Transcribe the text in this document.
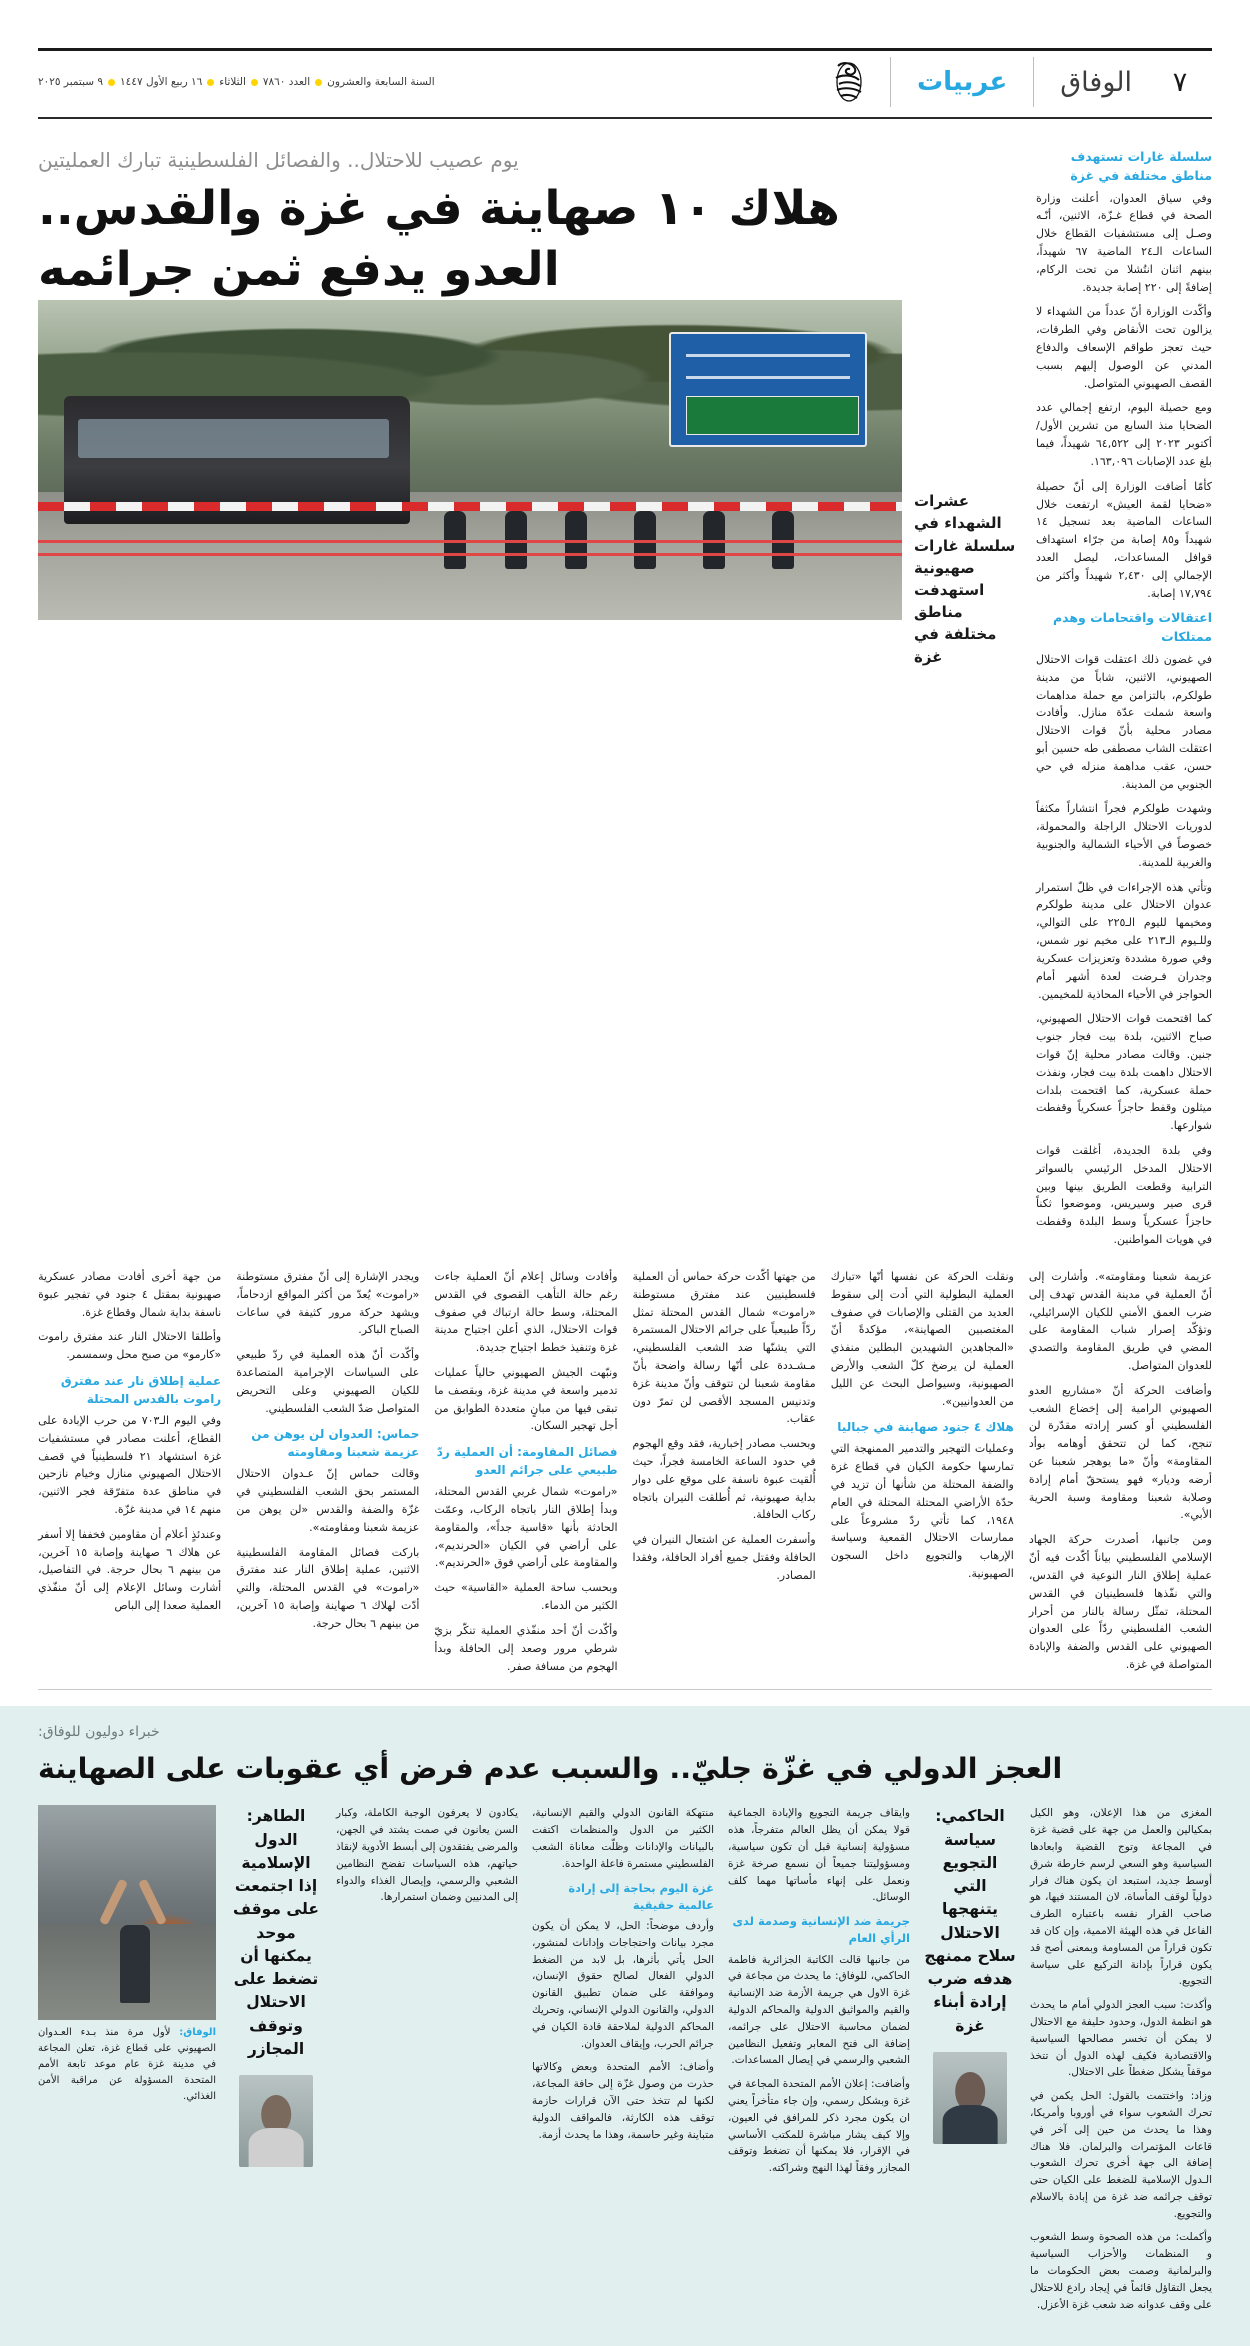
٧
الوفاق
عربيات
السنة السابعة والعشرون
العدد ٧٨٦٠
الثلاثاء
١٦ ربيع الأول ١٤٤٧
٩ سبتمبر ٢٠٢٥
سلسلة غارات تستهدف مناطق مختلفة في غزة

وفي سياق العدوان، أعلنت وزارة الصحة في قطاع غـزّة، الاثنين، أنّـه وصـل إلى مستشفيات القطاع خلال الساعات الـ٢٤ الماضية ٦٧ شهيداً، بينهم اثنان انتُشلا من تحت الركام، إضافةً إلى ٢٢٠ إصابة جديدة.

وأكّدت الوزارة أنّ عدداً من الشهداء لا يزالون تحت الأنقاض وفي الطرقات، حيث تعجز طواقم الإسعاف والدفاع المدني عن الوصول إليهم بسبب القصف الصهيوني المتواصل.

ومع حصيلة اليوم، ارتفع إجمالي عدد الضحايا منذ السابع من تشرين الأول/ أكتوبر ٢٠٢٣ إلى ٦٤,٥٢٢ شهيداً، فيما بلغ عدد الإصابات ١٦٣,٠٩٦.

كأمّا أضافت الوزارة إلى أنّ حصيلة «ضحايا لقمة العيش» ارتفعت خلال الساعات الماضية بعد تسجيل ١٤ شهيداً و٨٥ إصابة من جرّاء استهداف قوافل المساعدات، ليصل العدد الإجمالي إلى ٢,٤٣٠ شهيداً وأكثر من ١٧,٧٩٤ إصابة.

اعتقالات واقتحامات وهدم ممتلكات

في غضون ذلك اعتقلت قوات الاحتلال الصهيوني، الاثنين، شاباً من مدينة طولكرم، بالتزامن مع حملة مداهمات واسعة شملت عدّة منازل. وأفادت مصادر محلية بأنّ قوات الاحتلال اعتقلت الشاب مصطفى طه حسين أبو حسن، عقب مداهمة منزله في حي الجنوبي من المدينة.

وشهدت طولكرم فجراً انتشاراً مكثفاً لدوريات الاحتلال الراجلة والمحمولة، خصوصاً في الأحياء الشمالية والجنوبية والغربية للمدينة.

وتأتي هذه الإجراءات في ظلّ استمرار عدوان الاحتلال على مدينة طولكرم ومخيمها لليوم الـ٢٢٥ على التوالي، وللـيوم الـ٢١٣ على مخيم نور شمس، وفي صورة مشددة وتعزيزات عسكرية وجدران فـرضت لعدة أشهر أمام الحواجز في الأحياء المحاذية للمخيمين.

كما اقتحمت قوات الاحتلال الصهيوني، صباح الاثنين، بلدة بيت فجار جنوب جنين. وقالت مصادر محلية إنّ قوات الاحتلال داهمت بلدة بيت فجار، ونفذت حملة عسكرية، كما اقتحمت بلدات ميثلون وقفط حاجزاً عسكرياً وقفطت شوارعها.

وفي بلدة الجديدة، أغلقت قوات الاحتلال المدخل الرئيسي بالسواتر الترابية وقطعت الطريق بينها وبين قرى صير وسيريس، وموضعوا ثكناً حاجزاً عسكرياً وسط البلدة وقفطت في هويات المواطنين.

يوم عصيب للاحتلال.. والفصائل الفلسطينية تبارك العمليتين
هلاك ١٠ صهاينة في غزة والقدس..
العدو يدفع ثمن جرائمه
عشرات الشهداء في سلسلة غارات صهيونية استهدفت مناطق مختلفة في غزة

عزيمة شعبنا ومقاومته». وأشارت إلى أنّ العملية في مدينة القدس تهدف إلى ضرب العمق الأمني للكيان الإسرائيلي، وتؤكّد إصرار شباب المقاومة على المضي في طريق المقاومة والتصدي للعدوان المتواصل.

وأضافت الحركة أنّ «مشاريع العدو الصهيوني الرامية إلى إخضاع الشعب الفلسطيني أو كسر إرادته مقدّرة لن تنجح، كما لن تتحقق أوهامه بوأد المقاومة» وأنّ «ما يوهجر شعبنا عن أرضه وديار» فهو يستحقّ أمام إرادة وصلابة شعبنا ومقاومة وسبة الحرية الأبي».

ومن جانبها، أصدرت حركة الجهاد الإسلامي الفلسطيني بياناً أكّدت فيه أنّ عملية إطلاق النار النوعية في القدس، والتي نفّذها فلسطينيان في القدس المحتلة، تمثّل رسالة بالنار من أحرار الشعب الفلسطيني ردّاً على العدوان الصهيوني على القدس والضفة والإبادة المتواصلة في غزة.

ونقلت الحركة عن نفسها أنّها «تبارك العملية البطولية التي أدت إلى سقوط العديد من القتلى والإصابات في صفوف المغتصبين الصهاينة»، مؤكدةً أنّ «المجاهدين الشهيدين البطلين منفذي العملية لن يرضخ كلّ الشعب والأرض الصهيونية، وسيواصل البحث عن الليل من العدوانيين».

هلاك ٤ جنود صهاينة في جباليا

وعمليات التهجير والتدمير الممنهجة التي تمارسها حكومة الكيان في قطاع غزة والضفة المحتلة من شأنها أن تزيد في حدّة الأراضي المحتلة المحتلة في العام ١٩٤٨، كما تأتي ردّ مشروعاً على ممارسات الاحتلال القمعية وسياسة الإرهاب والتجويع داخل السجون الصهيونية.

من جهتها أكّدت حركة حماس أن العملية فلسطينيين عند مفترق مستوطنة «راموت» شمال القدس المحتلة تمثل ردّاً طبيعياً على جرائم الاحتلال المستمرة التي يشنّها ضد الشعب الفلسطيني، مـشـددة على أنّها رسالة واضحة بأنّ مقاومة شعبنا لن تتوقف وأنّ مدينة غزة وتدنيس المسجد الأقصى لن تمرّ دون عقاب.

وبحسب مصادر إخبارية، فقد وقع الهجوم في حدود الساعة الخامسة فجراً، حيث أُلقيت عبوة ناسفة على موقع على دوار بداية صهيونية، ثم أُطلقت النيران باتجاه ركاب الحافلة.

وأسفرت العملية عن اشتعال النيران في الحافلة وفقتل جميع أفراد الحافلة، وفقدا المصادر.

وأفادت وسائل إعلام أنّ العملية جاءت رغم حالة التأهب القصوى في القدس المحتلة، وسط حالة ارتباك في صفوف قوات الاحتلال، الذي أعلن اجتياح مدينة غزة وتنفيذ خطط اجتياح جديدة.

ونبّهت الجيش الصهيوني حالياً عمليات تدمير واسعة في مدينة غزة، وبقصف ما تبقى فيها من مبانٍ متعددة الطوابق من أجل تهجير السكان.

فصائل المقاومة: أن العملية ردّ طبيعي على جرائم العدو

«راموت» شمال غربي القدس المحتلة، وبدأ إطلاق النار باتجاه الركاب، وعمّت الحادثة بأنها «قاسية جداً»، والمقاومة على أراضي في الكيان «الحرنديم»، والمقاومة على أراضي فوق «الحرنديم».

وبحسب ساحة العملية «القاسية» حيث الكثير من الدماء.

وأكّدت أنّ أحد منفّذي العملية تنكّر بزيّ شرطي مرور وصعد إلى الحافلة وبدأ الهجوم من مسافة صفر.

ويجدر الإشارة إلى أنّ مفترق مستوطنة «راموت» يُعدّ من أكثر المواقع ازدحاماً، ويشهد حركة مرور كثيفة في ساعات الصباح الباكر.

وأكّدت أنّ هذه العملية في ردّ طبيعي على السياسات الإجرامية المتصاعدة للكيان الصهيوني وعلى التحريض المتواصل ضدّ الشعب الفلسطيني.

حماس: العدوان لن يوهن من عزيمة شعبنا ومقاومته

وقالت حماس إنّ عـدوان الاحتلال المستمر بحق الشعب الفلسطيني في غزّة والضفة والقدس «لن يوهن من عزيمة شعبنا ومقاومته».

باركت فصائل المقاومة الفلسطينية الاثنين، عملية إطلاق النار عند مفترق «راموت» في القدس المحتلة، والتي أدّت لهلاك ٦ صهاينة وإصابة ١٥ آخرين، من بينهم ٦ بحال حرجة.

من جهة أخرى أفادت مصادر عسكرية صهيونية بمقتل ٤ جنود في تفجير عبوة ناسفة بداية شمال وقطاع غزة.

وأطلقا الاحتلال النار عند مفترق راموت «كارمو» من صبح محل وسمسمر.

عملية إطلاق نار عند مفترق راموت بالقدس المحتلة

وفي اليوم الـ٧٠٣ من حرب الإبادة على القطاع، أعلنت مصادر في مستشفيات غزة استشهاد ٢١ فلسطينياً في قصف الاحتلال الصهيوني منازل وخيام نازحين في مناطق عدة متفرّقة فجر الاثنين، منهم ١٤ في مدينة غزّة.

وعندئذٍ أعلام أن مقاومين فخففا إلا أسفر عن هلاك ٦ صهاينة وإصابة ١٥ آخرين، من بينهم ٦ بحال حرجة. في التفاصيل، أشارت وسائل الإعلام إلى أنّ منفّذي العملية صعدا إلى الباص

خبراء دوليون للوفاق:
العجز الدولي في غزّة جليّ.. والسبب عدم فرض أي عقوبات على الصهاينة

المغزى من هذا الإعلان، وهو الكيل بمكيالين والعمل من جهة على قضية غزة في المجاعة وتوج القضية وابعادها السياسية وهو السعي لرسم خارطة شرق أوسط جديد، استبعد ان يكون هناك فرار دولياً لوقف المأساة، لان المستند فيها، هو صاحب القرار نفسه باعتباره الطرف الفاعل في هذه الهيئة الاممية، وإن كان قد تكون قراراً من المساومة وبمعنى أصح قد يكون قراراً بإدانة التركيع على سياسة التجويع.

وأكدت: سبب العجز الدولي أمام ما يحدث هو انظمة الدول، وحدود حليفة مع الاحتلال لا يمكن أن تخسر مصالحها السياسية والاقتصادية فكيف لهذه الدول أن تتخذ موقفاً يشكل ضغطاً على الاحتلال.

وزاد: واختتمت بالقول: الحل يكمن في تحرك الشعوب سواء في أوروبا وأمريكا، وهذا ما يحدث من حين إلى آخر في قاعات المؤتمرات والبرلمان. فلا هناك إضافة الى جهة أخرى تحرك الشعوب الـدول الإسلامية للضغط على الكيان حتى توقف جرائمه ضد غزة من إبادة بالاسلام والتجويع.

وأكملت: من هذه الصحوة وسط الشعوب و المنظمات والأحزاب السياسية والبرلمانية وصمت بعض الحكومات ما يجعل التقاؤل قائماً في إيجاد رادع للاحتلال على وقف عدوانه ضد شعب غزة الأعزل.

الحاكمي: سياسة التجويع التي يتنهجها الاحتلال سلاح ممنهج هدفه ضرب إرادة أبناء غزة

وايقاف جريمة التجويع والإبادة الجماعية قولا يمكن أن يظل العالم متفرجاً، هذه مسؤولية إنسانية قبل أن تكون سياسية، ومسؤوليتنا جميعاً أن نسمع صرخة غزة ونعمل على إنهاء مأساتها مهما كلف الوسائل.

جريمة ضد الإنسانية وصدمة لدى الرأي العام

من جانبها قالت الكاتبة الجزائرية فاطمة الحاكمي، للوفاق: ما يحدث من مجاعة في غزة الاول هي جريمة الأزمة ضد الإنسانية والقيم والمواثيق الدولية والمحاكم الدولية لضمان محاسبة الاحتلال على جرائمه، إضافة الى فتح المعابر وتفعيل النظامين الشعبي والرسمي في إيصال المساعدات.

وأضافت: إعلان الأمم المتحدة المجاعة في غزة وبشكل رسمي، وإن جاء متأخراً يعني ان يكون مجرد ذكر للمرافق في العيون، وإلا كيف يشار مباشرة للمكتب الأساسي في الإقرار، فلا يمكنها أن تضغط وتوقف المجازر وفقاً لهذا النهج وشراكته.

منتهكة القانون الدولي والقيم الإنسانية، الكثير من الدول والمنظمات اكتفت بالبيانات والإدانات وظلّت معاناة الشعب الفلسطيني مستمرة فاعلة الواحدة.

غزة اليوم بحاجة إلى إرادة عالمية حقيقية

وأردف موضحاً: الحل، لا يمكن أن يكون مجرد بيانات واحتجاجات وإدانات لمنشور، الحل يأتي بأثرها، بل لابد من الضغط الدولي الفعال لصالح حقوق الإنسان، وموافقة على ضمان تطبيق القانون الدولي، والقانون الدولي الإنساني، وتحريك المحاكم الدولية لملاحقة قادة الكيان في جرائم الحرب، وإيقاف العدوان.

وأضاف: الأمم المتحدة وبعض وكالاتها حذرت من وصول غزّة إلى حافة المجاعة، لكنها لم تتخذ حتى الآن قرارات حازمة توقف هذه الكارثة، فالمواقف الدولية متباينة وغير حاسمة، وهذا ما يحدث أزمة.

يكادون لا يعرفون الوجبة الكاملة، وكبار السن يعانون في صمت يشتد في الجهن، والمرضى يفتقدون إلى أبسط الأدوية لإنقاذ حياتهم، هذه السياسات تفضح النظامين الشعبي والرسمي، وإيصال الغذاء والدواء إلى المدنيين وضمان استمرارها.

الطاهر: الدول الإسلامية إذا اجتمعت على موقف موحد يمكنها أن تضغط على الاحتلال وتوقف المجازر
الوفاق: لأول مرة منذ بـدء العـدوان الصهيوني على قطاع غزة، تعلن المجاعة في مدينة غزة عام موعد تابعة الأمم المتحدة المسؤولة عن مراقبة الأمن الغذائي.
